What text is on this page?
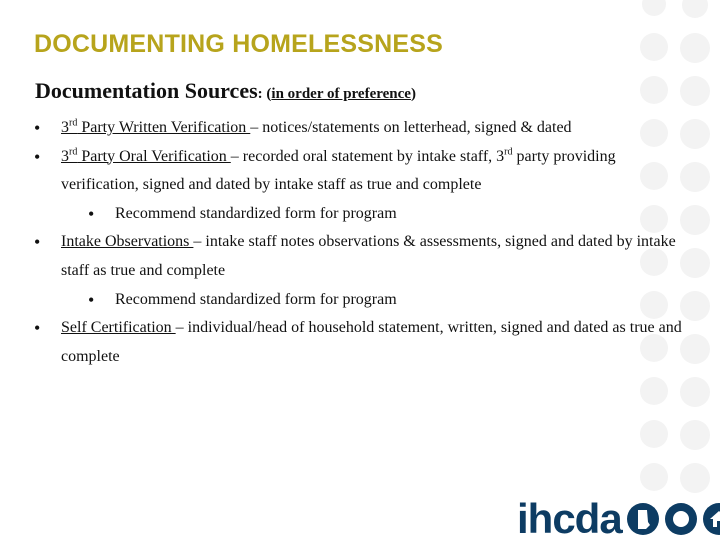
DOCUMENTING HOMELESSNESS
Documentation Sources: (in order of preference)
• 3rd Party Written Verification – notices/statements on letterhead, signed & dated
• 3rd Party Oral Verification – recorded oral statement by intake staff, 3rd party providing verification, signed and dated by intake staff as true and complete
• Recommend standardized form for program
• Intake Observations – intake staff notes observations & assessments, signed and dated by intake staff as true and complete
• Recommend standardized form for program
• Self Certification – individual/head of household statement, written, signed and dated as true and complete
ihcda
